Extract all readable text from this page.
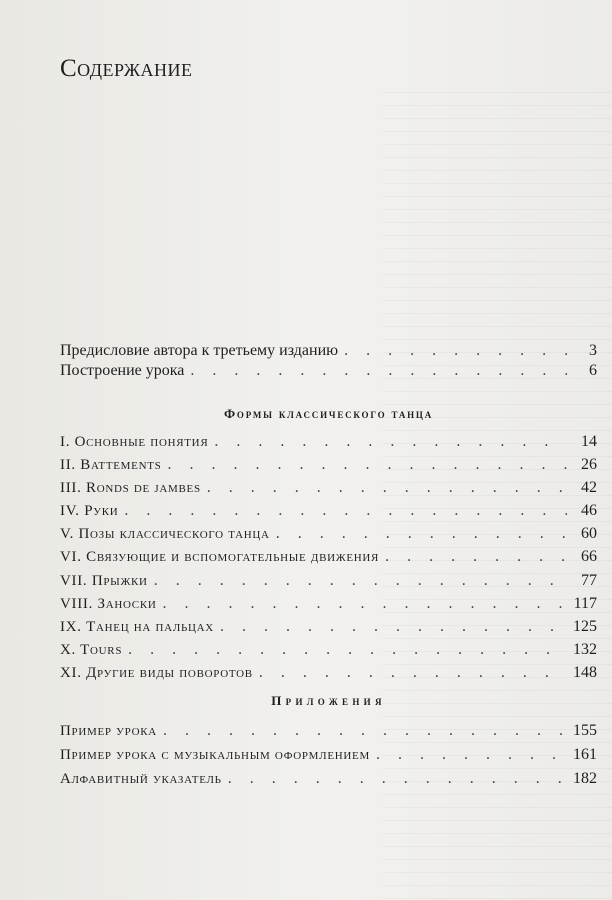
Содержание
Предисловие автора к третьему изданию . . .	3
Построение урока . . .	6
Формы классического танца
I. Основные понятия . . .	14
II. Battements . . .	26
III. Ronds de jambes . . .	42
IV. Руки . . .	46
V. Позы классического танца . . .	60
VI. Связующие и вспомогательные движения . . .	66
VII. Прыжки . . .	77
VIII. Заноски . . .	117
IX. Танец на пальцах . . .	125
X. Tours . . .	132
XI. Другие виды поворотов . . .	148
Приложения
Пример урока . . .	155
Пример урока с музыкальным оформлением . . .	161
Алфавитный указатель . . .	182
